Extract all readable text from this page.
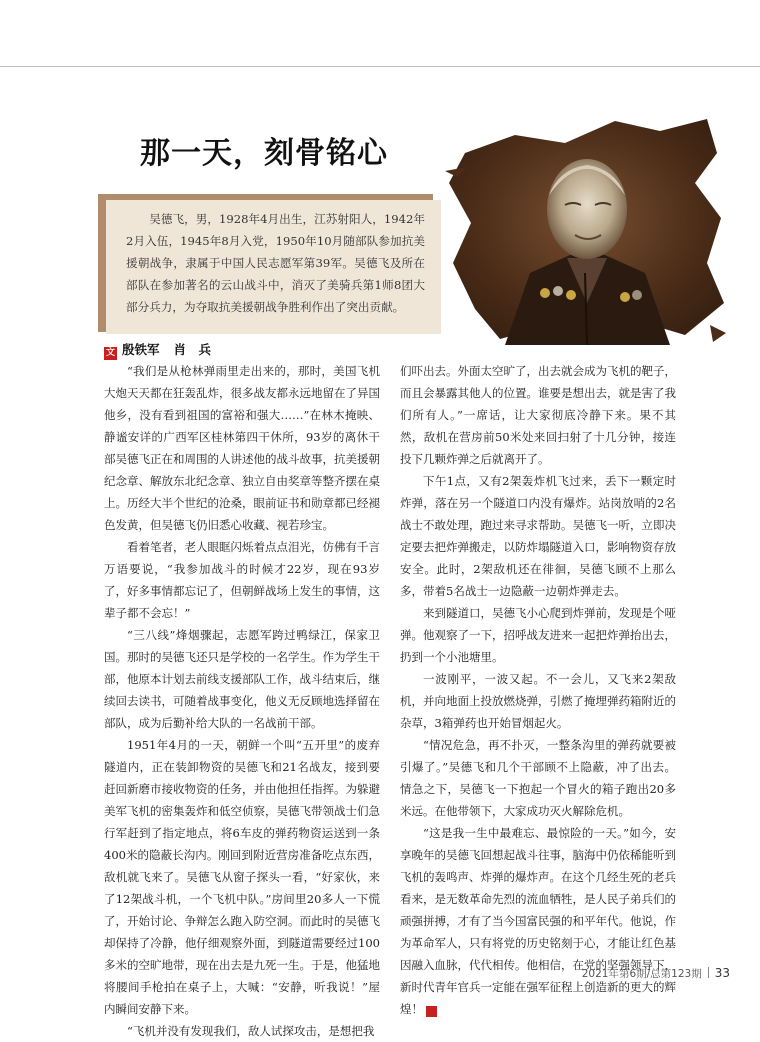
那一天，刻骨铭心

吴德飞，男，1928年4月出生，江苏射阳人，1942年2月入伍，1945年8月入党，1950年10月随部队参加抗美援朝战争，隶属于中国人民志愿军第39军。吴德飞及所在部队在参加著名的云山战斗中，消灭了美骑兵第1师8团大部分兵力，为夺取抗美援朝战争胜利作出了突出贡献。

文 殷铁军 肖　兵

“我们是从枪林弹雨里走出来的，那时，美国飞机大炮天天都在狂轰乱炸，很多战友都永远地留在了异国他乡，没有看到祖国的富裕和强大……”在林木掩映、静谧安详的广西军区桂林第四干休所，93岁的离休干部吴德飞正在和周围的人讲述他的战斗故事，抗美援朝纪念章、解放东北纪念章、独立自由奖章等整齐摆在桌上。历经大半个世纪的沧桑，眼前证书和勋章都已经褪色发黄，但吴德飞仍旧悉心收藏、视若珍宝。

看着笔者，老人眼眶闪烁着点点泪光，仿佛有千言万语要说，“我参加战斗的时候才22岁，现在93岁了，好多事情都忘记了，但朝鲜战场上发生的事情，这辈子都不会忘！”

“三八线”烽烟骤起，志愿军跨过鸭绿江，保家卫国。那时的吴德飞还只是学校的一名学生。作为学生干部，他原本计划去前线支援部队工作，战斗结束后，继续回去读书，可随着战事变化，他义无反顾地选择留在部队，成为后勤补给大队的一名战前干部。

1951年4月的一天，朝鲜一个叫“五开里”的废弃隧道内，正在装卸物资的吴德飞和21名战友，接到要赶回新磨市接收物资的任务，并由他担任指挥。为躲避美军飞机的密集轰炸和低空侦察，吴德飞带领战士们急行军赶到了指定地点，将6车皮的弹药物资运送到一条400米的隐蔽长沟内。刚回到附近营房准备吃点东西，敌机就飞来了。吴德飞从窗子探头一看，“好家伙，来了12架战斗机，一个飞机中队。”房间里20多人一下慌了，开始讨论、争辩怎么跑入防空洞。而此时的吴德飞却保持了冷静，他仔细观察外面，到隧道需要经过100多米的空旷地带，现在出去是九死一生。于是，他猛地将腰间手枪拍在桌子上，大喊：“安静，听我说！”屋内瞬间安静下来。

“飞机并没有发现我们，敌人试探攻击，是想把我

们吓出去。外面太空旷了，出去就会成为飞机的靶子，而且会暴露其他人的位置。谁要是想出去，就是害了我们所有人。”一席话，让大家彻底冷静下来。果不其然，敌机在营房前50米处来回扫射了十几分钟，接连投下几颗炸弹之后就离开了。

下午1点，又有2架轰炸机飞过来，丢下一颗定时炸弹，落在另一个隧道口内没有爆炸。站岗放哨的2名战士不敢处理，跑过来寻求帮助。吴德飞一听，立即决定要去把炸弹搬走，以防炸塌隧道入口，影响物资存放安全。此时，2架敌机还在徘徊，吴德飞顾不上那么多，带着5名战士一边隐蔽一边朝炸弹走去。

来到隧道口，吴德飞小心爬到炸弹前，发现是个哑弹。他观察了一下，招呼战友进来一起把炸弹抬出去，扔到一个小池塘里。

一波刚平，一波又起。不一会儿，又飞来2架敌机，并向地面上投放燃烧弹，引燃了掩埋弹药箱附近的杂草，3箱弹药也开始冒烟起火。

“情况危急，再不扑灭，一整条沟里的弹药就要被引爆了。”吴德飞和几个干部顾不上隐蔽，冲了出去。情急之下，吴德飞一下抱起一个冒火的箱子跑出20多米远。在他带领下，大家成功灭火解除危机。

“这是我一生中最难忘、最惊险的一天。”如今，安享晚年的吴德飞回想起战斗往事，脑海中仍依稀能听到飞机的轰鸣声、炸弹的爆炸声。在这个几经生死的老兵看来，是无数革命先烈的流血牺牲，是人民子弟兵们的顽强拼搏，才有了当今国富民强的和平年代。他说，作为革命军人，只有将党的历史铭刻于心，才能让红色基因融入血脉，代代相传。他相信，在党的坚强领导下，新时代青年官兵一定能在强军征程上创造新的更大的辉煌！	G

2021年第6期/总第123期 33
